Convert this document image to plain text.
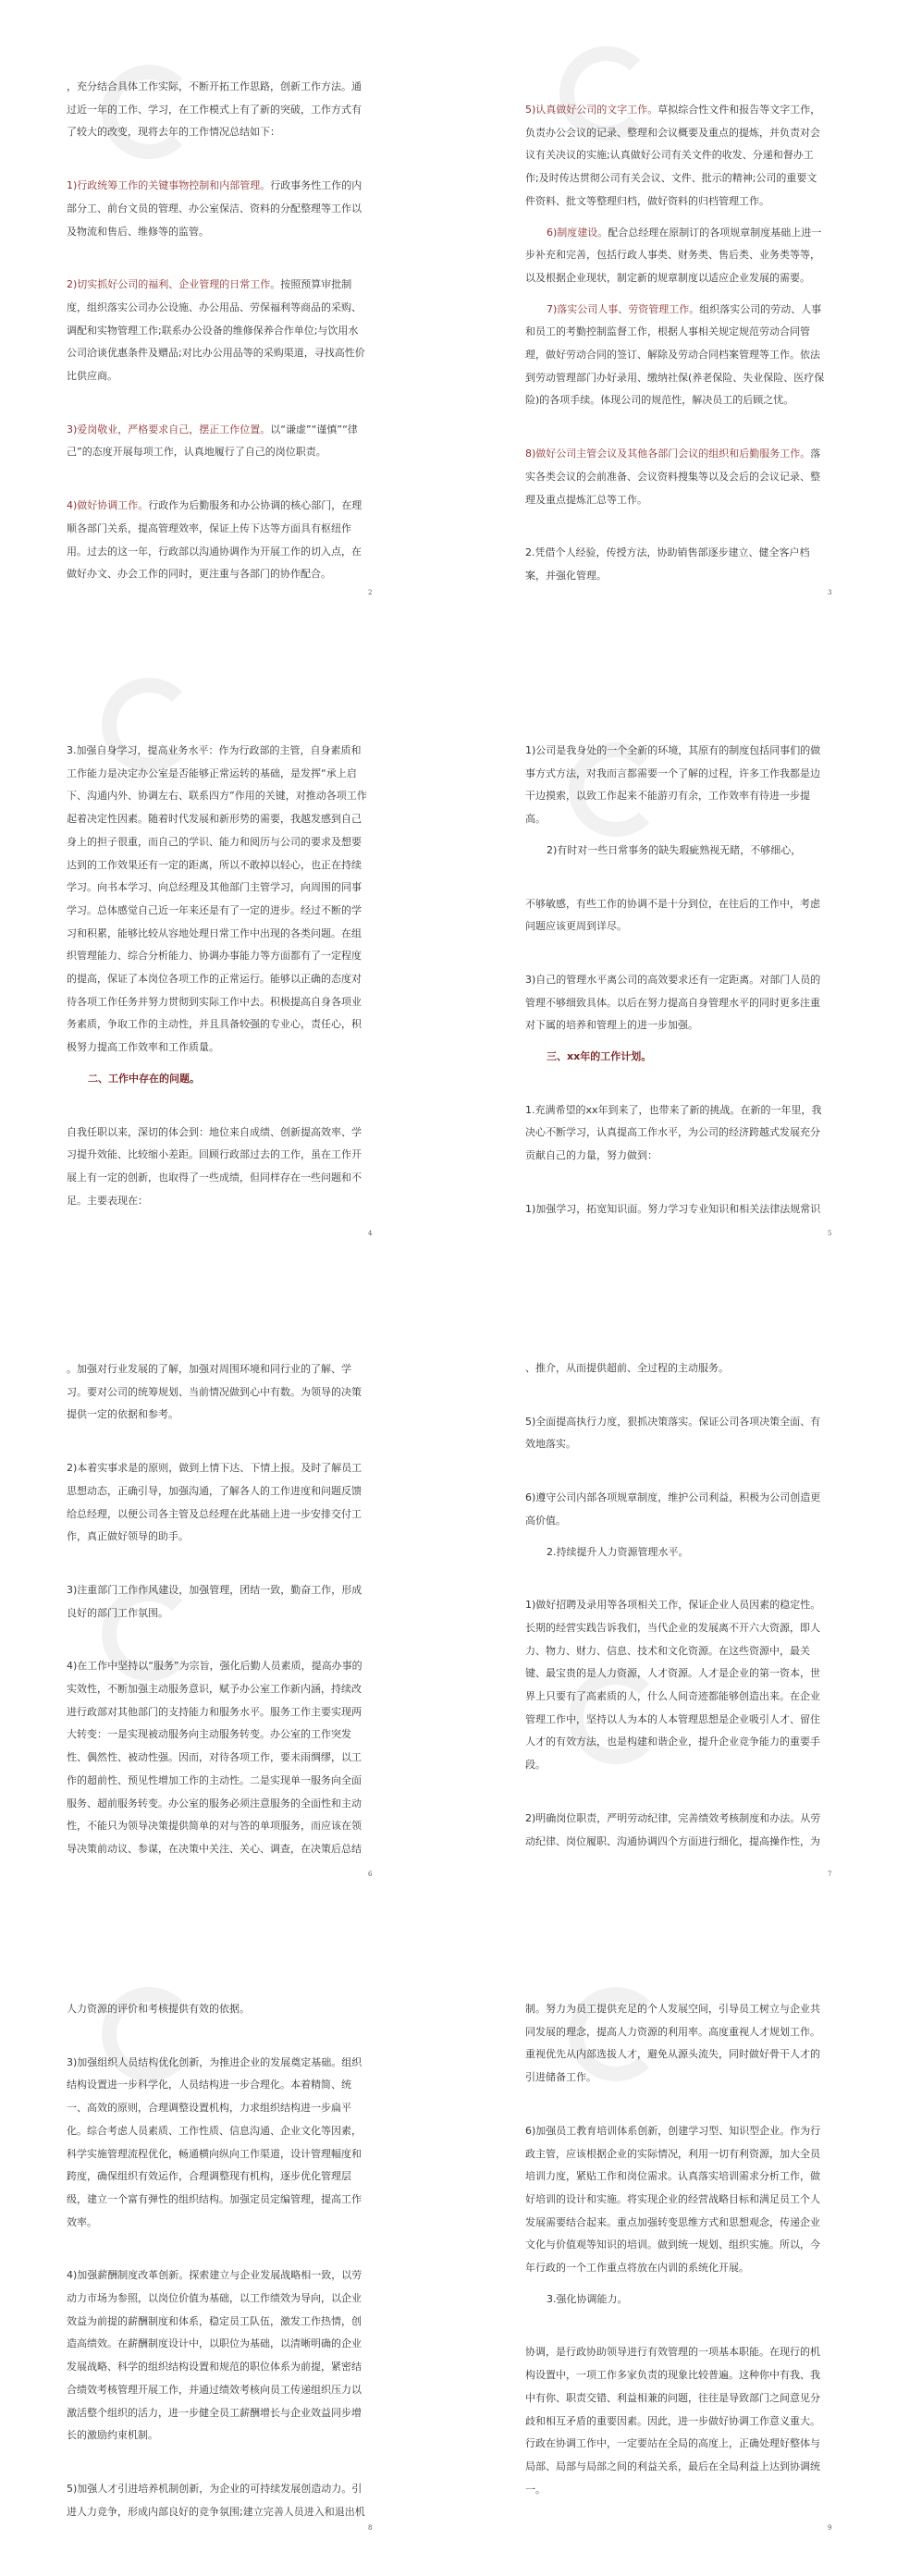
，充分结合具体工作实际，不断开拓工作思路，创新工作方法。通过近一年的工作、学习，在工作模式上有了新的突破，工作方式有了较大的改变，现将去年的工作情况总结如下：

1)行政统筹工作的关键事物控制和内部管理。行政事务性工作的内部分工、前台文员的管理、办公室保洁、资料的分配整理等工作以及物流和售后、维修等的监管。

2)切实抓好公司的福利、企业管理的日常工作。按照预算审批制度，组织落实公司办公设施、办公用品、劳保福利等商品的采购、调配和实物管理工作;联系办公设备的维修保养合作单位;与饮用水公司洽谈优惠条件及赠品;对比办公用品等的采购渠道，寻找高性价比供应商。

3)爱岗敬业，严格要求自己，摆正工作位置。以“谦虚”“谨慎”“律己”的态度开展每项工作，认真地履行了自己的岗位职责。

4)做好协调工作。行政作为后勤服务和办公协调的核心部门，在理顺各部门关系，提高管理效率，保证上传下达等方面具有枢纽作用。过去的这一年，行政部以沟通协调作为开展工作的切入点，在做好办文、办会工作的同时，更注重与各部门的协作配合。

2

5)认真做好公司的文字工作。草拟综合性文件和报告等文字工作，负责办公会议的记录、整理和会议概要及重点的提炼，并负责对会议有关决议的实施;认真做好公司有关文件的收发、分递和督办工作;及时传达贯彻公司有关会议、文件、批示的精神;公司的重要文件资料、批文等整理归档，做好资料的归档管理工作。

6)制度建设。配合总经理在原制订的各项规章制度基础上进一步补充和完善，包括行政人事类、财务类、售后类、业务类等等，以及根据企业现状，制定新的规章制度以适应企业发展的需要。

7)落实公司人事、劳资管理工作。组织落实公司的劳动、人事和员工的考勤控制监督工作，根据人事相关规定规范劳动合同管理，做好劳动合同的签订、解除及劳动合同档案管理等工作。依法到劳动管理部门办好录用、缴纳社保(养老保险、失业保险、医疗保险)的各项手续。体现公司的规范性，解决员工的后顾之忧。

8)做好公司主管会议及其他各部门会议的组织和后勤服务工作。落实各类会议的会前准备、会议资料搜集等以及会后的会议记录、整理及重点提炼汇总等工作。

2.凭借个人经验，传授方法，协助销售部逐步建立、健全客户档案，并强化管理。

3

3.加强自身学习，提高业务水平：作为行政部的主管，自身素质和工作能力是决定办公室是否能够正常运转的基础，是发挥“承上启下、沟通内外、协调左右、联系四方”作用的关键，对推动各项工作起着决定性因素。随着时代发展和新形势的需要，我越发感到自己身上的担子很重，而自己的学识、能力和阅历与公司的要求及想要达到的工作效果还有一定的距离，所以不敢掉以轻心，也正在持续学习。向书本学习、向总经理及其他部门主管学习，向周围的同事学习。总体感觉自己近一年来还是有了一定的进步。经过不断的学习和积累，能够比较从容地处理日常工作中出现的各类问题。在组织管理能力、综合分析能力、协调办事能力等方面都有了一定程度的提高，保证了本岗位各项工作的正常运行。能够以正确的态度对待各项工作任务并努力贯彻到实际工作中去。积极提高自身各项业务素质，争取工作的主动性，并且具备较强的专业心，责任心，积极努力提高工作效率和工作质量。

二、工作中存在的问题。

自我任职以来，深切的体会到：地位来自成绩、创新提高效率、学习提升效能、比较缩小差距。回顾行政部过去的工作，虽在工作开展上有一定的创新，也取得了一些成绩，但同样存在一些问题和不足。主要表现在：

4

1)公司是我身处的一个全新的环境，其原有的制度包括同事们的做事方式方法，对我而言都需要一个了解的过程，许多工作我都是边干边摸索，以致工作起来不能游刃有余，工作效率有待进一步提高。

2)有时对一些日常事务的缺失瑕疵熟视无睹，不够细心，

不够敏感，有些工作的协调不是十分到位，在往后的工作中，考虑问题应该更周到详尽。

3)自己的管理水平离公司的高效要求还有一定距离。对部门人员的管理不够细致具体。以后在努力提高自身管理水平的同时更多注重对下属的培养和管理上的进一步加强。

三、xx年的工作计划。

1.充满希望的xx年到来了，也带来了新的挑战。在新的一年里，我决心不断学习，认真提高工作水平，为公司的经济跨越式发展充分贡献自己的力量，努力做到：

1)加强学习，拓宽知识面。努力学习专业知识和相关法律法规常识

5

。加强对行业发展的了解，加强对周围环境和同行业的了解、学习。要对公司的统筹规划、当前情况做到心中有数。为领导的决策提供一定的依据和参考。

2)本着实事求是的原则，做到上情下达、下情上报。及时了解员工思想动态，正确引导，加强沟通，了解各人的工作进度和问题反馈给总经理，以便公司各主管及总经理在此基础上进一步安排交付工作，真正做好领导的助手。

3)注重部门工作作风建设，加强管理，团结一致，勤奋工作，形成良好的部门工作氛围。

4)在工作中坚持以“服务”为宗旨，强化后勤人员素质，提高办事的实效性，不断加强主动服务意识，赋予办公室工作新内涵，持续改进行政部对其他部门的支持能力和服务水平。服务工作主要实现两大转变：一是实现被动服务向主动服务转变。办公室的工作突发性、偶然性、被动性强。因而，对待各项工作，要未雨绸缪，以工作的超前性、预见性增加工作的主动性。二是实现单一服务向全面服务、超前服务转变。办公室的服务必须注意服务的全面性和主动性，不能只为领导决策提供简单的对与答的单项服务，而应该在领导决策前动议、参谋，在决策中关注、关心、调查，在决策后总结

6

、推介，从而提供超前、全过程的主动服务。

5)全面提高执行力度，狠抓决策落实。保证公司各项决策全面、有效地落实。

6)遵守公司内部各项规章制度，维护公司利益，积极为公司创造更高价值。

2.持续提升人力资源管理水平。

1)做好招聘及录用等各项相关工作，保证企业人员因素的稳定性。长期的经营实践告诉我们，当代企业的发展离不开六大资源，即人力、物力、财力、信息、技术和文化资源。在这些资源中，最关键、最宝贵的是人力资源，人才资源。人才是企业的第一资本，世界上只要有了高素质的人，什么人间奇迹都能够创造出来。在企业管理工作中，坚持以人为本的人本管理思想是企业吸引人才、留住人才的有效方法，也是构建和谐企业，提升企业竞争能力的重要手段。

2)明确岗位职责，严明劳动纪律，完善绩效考核制度和办法。从劳动纪律、岗位履职、沟通协调四个方面进行细化，提高操作性，为

7

人力资源的评价和考核提供有效的依据。

3)加强组织人员结构优化创新，为推进企业的发展奠定基础。组织结构设置进一步科学化，人员结构进一步合理化。本着精简、统一、高效的原则，合理调整设置机构，力求组织结构进一步扁平化。综合考虑人员素质、工作性质、信息沟通、企业文化等因素，科学实施管理流程优化，畅通横向纵向工作渠道，设计管理幅度和跨度，确保组织有效运作，合理调整现有机构，逐步优化管理层级，建立一个富有弹性的组织结构。加强定员定编管理，提高工作效率。

4)加强薪酬制度改革创新。探索建立与企业发展战略相一致，以劳动力市场为参照，以岗位价值为基础，以工作绩效为导向，以企业效益为前提的薪酬制度和体系，稳定员工队伍，激发工作热情，创造高绩效。在薪酬制度设计中，以职位为基础，以清晰明确的企业发展战略、科学的组织结构设置和规范的职位体系为前提，紧密结合绩效考核管理开展工作，并通过绩效考核向员工传递组织压力以激活整个组织的活力，进一步健全员工薪酬增长与企业效益同步增长的激励约束机制。

5)加强人才引进培养机制创新，为企业的可持续发展创造动力。引进人力竞争，形成内部良好的竞争氛围;建立完善人员进入和退出机

8

制。努力为员工提供充足的个人发展空间，引导员工树立与企业共同发展的理念，提高人力资源的利用率。高度重视人才规划工作。重视优先从内部选拔人才，避免从源头流失，同时做好骨干人才的引进储备工作。

6)加强员工教育培训体系创新，创建学习型、知识型企业。作为行政主管，应该根据企业的实际情况，利用一切有利资源，加大全员培训力度，紧贴工作和岗位需求。认真落实培训需求分析工作，做好培训的设计和实施。将实现企业的经营战略目标和满足员工个人发展需要结合起来。重点加强转变思维方式和思想观念，传递企业文化与价值观等知识的培训。做到统一规划、组织实施。所以，今年行政的一个工作重点将放在内训的系统化开展。

3.强化协调能力。

协调，是行政协助领导进行有效管理的一项基本职能。在现行的机构设置中，一项工作多家负责的现象比较普遍。这种你中有我、我中有你、职责交错、利益相兼的问题，往往是导致部门之间意见分歧和相互矛盾的重要因素。因此，进一步做好协调工作意义重大。行政在协调工作中，一定要站在全局的高度上，正确处理好整体与局部、局部与局部之间的利益关系，最后在全局利益上达到协调统一。

9
